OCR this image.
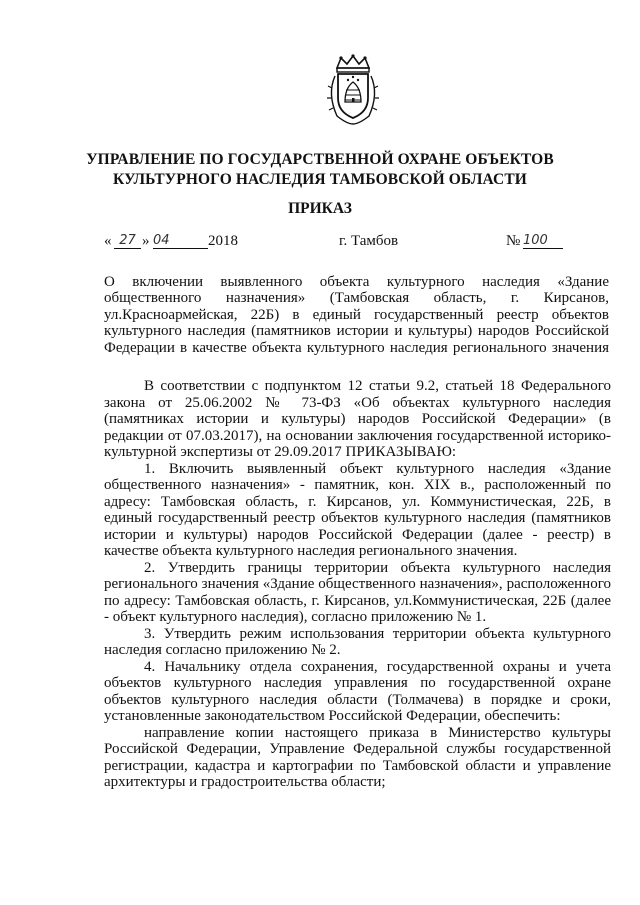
УПРАВЛЕНИЕ ПО ГОСУДАРСТВЕННОЙ ОХРАНЕ ОБЪЕКТОВ
КУЛЬТУРНОГО НАСЛЕДИЯ ТАМБОВСКОЙ ОБЛАСТИ
ПРИКАЗ
« 27 » 04	2018	г. Тамбов	№ 100
О включении выявленного объекта культурного наследия «Здание общественного назначения» (Тамбовская область, г. Кирсанов, ул.Красноармейская, 22Б) в единый государственный реестр объектов культурного наследия (памятников истории и культуры) народов Российской Федерации в качестве объекта культурного наследия регионального значения

В соответствии с подпунктом 12 статьи 9.2, статьей 18 Федерального закона от 25.06.2002 № 73-ФЗ «Об объектах культурного наследия (памятниках истории и культуры) народов Российской Федерации» (в редакции от 07.03.2017), на основании заключения государственной историко-культурной экспертизы от 29.09.2017 ПРИКАЗЫВАЮ:

1. Включить выявленный объект культурного наследия «Здание общественного назначения» - памятник, кон. XIX в., расположенный по адресу: Тамбовская область, г. Кирсанов, ул. Коммунистическая, 22Б, в единый государственный реестр объектов культурного наследия (памятников истории и культуры) народов Российской Федерации (далее - реестр) в качестве объекта культурного наследия регионального значения.

2. Утвердить границы территории объекта культурного наследия регионального значения «Здание общественного назначения», расположенного по адресу: Тамбовская область, г. Кирсанов, ул.Коммунистическая, 22Б (далее - объект культурного наследия), согласно приложению № 1.

3. Утвердить режим использования территории объекта культурного наследия согласно приложению № 2.

4. Начальнику отдела сохранения, государственной охраны и учета объектов культурного наследия управления по государственной охране объектов культурного наследия области (Толмачева) в порядке и сроки, установленные законодательством Российской Федерации, обеспечить:

направление копии настоящего приказа в Министерство культуры Российской Федерации, Управление Федеральной службы государственной регистрации, кадастра и картографии по Тамбовской области и управление архитектуры и градостроительства области;
